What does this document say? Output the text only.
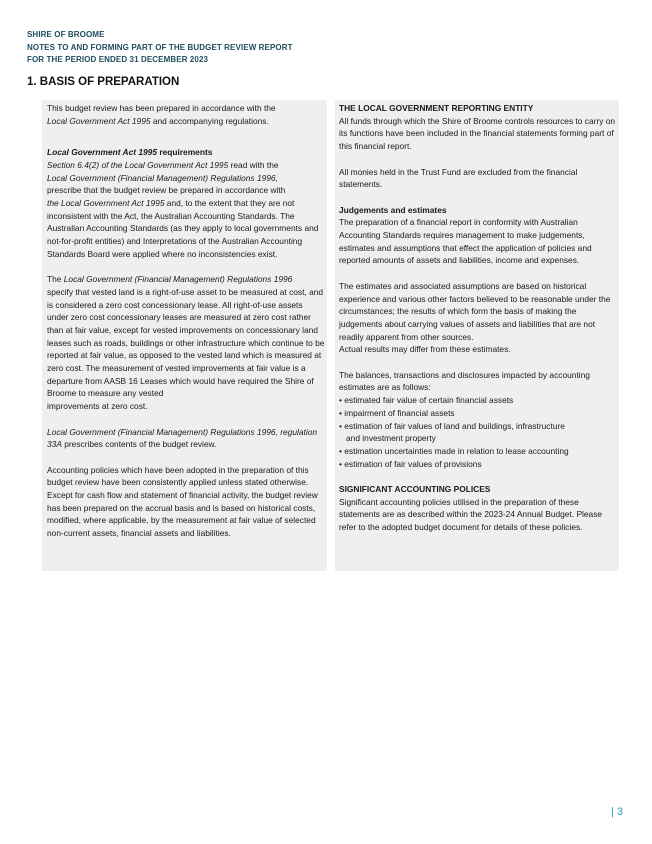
SHIRE OF BROOME
NOTES TO AND FORMING PART OF THE BUDGET REVIEW REPORT
FOR THE PERIOD ENDED 31 DECEMBER 2023
1. BASIS OF PREPARATION

This budget review has been prepared in accordance with the
Local Government Act 1995 and accompanying regulations.

Local Government Act 1995 requirements

Section 6.4(2) of the Local Government Act 1995 read with the
Local Government (Financial Management) Regulations 1996,
prescribe that the budget review be prepared in accordance with
the Local Government Act 1995 and, to the extent that they are not inconsistent with the Act, the Australian Accounting Standards. The Australian Accounting Standards (as they apply to local governments and not-for-profit entities) and Interpretations of the Australian Accounting Standards Board were applied where no inconsistencies exist.

The Local Government (Financial Management) Regulations 1996
specify that vested land is a right-of-use asset to be measured at cost, and is considered a zero cost concessionary lease. All right-of-use assets under zero cost concessionary leases are measured at zero cost rather than at fair value, except for vested improvements on concessionary land leases such as roads, buildings or other infrastructure which continue to be reported at fair value, as opposed to the vested land which is measured at zero cost. The measurement of vested improvements at fair value is a departure from AASB 16 Leases which would have required the Shire of Broome to measure any vested
improvements at zero cost.

Local Government (Financial Management) Regulations 1996, regulation 33A prescribes contents of the budget review.

Accounting policies which have been adopted in the preparation of this budget review have been consistently applied unless stated otherwise. Except for cash flow and statement of financial activity, the budget review has been prepared on the accrual basis and is based on historical costs, modified, where applicable, by the measurement at fair value of selected non-current assets, financial assets and liabilities.

THE LOCAL GOVERNMENT REPORTING ENTITY

All funds through which the Shire of Broome controls resources to carry on its functions have been included in the financial statements forming part of this financial report.

All monies held in the Trust Fund are excluded from the financial statements.

Judgements and estimates

The preparation of a financial report in conformity with Australian Accounting Standards requires management to make judgements, estimates and assumptions that effect the application of policies and reported amounts of assets and liabilities, income and expenses.

The estimates and associated assumptions are based on historical experience and various other factors believed to be reasonable under the circumstances; the results of which form the basis of making the judgements about carrying values of assets and liabilities that are not readily apparent from other sources.

Actual results may differ from these estimates.

The balances, transactions and disclosures impacted by accounting estimates are as follows:

• estimated fair value of certain financial assets

• impairment of financial assets

• estimation of fair values of land and buildings, infrastructure

and investment property

• estimation uncertainties made in relation to lease accounting

• estimation of fair values of provisions

SIGNIFICANT ACCOUNTING POLICES

Significant accounting policies utilised in the preparation of these statements are as described within the 2023-24 Annual Budget. Please refer to the adopted budget document for details of these policies.

| 3
